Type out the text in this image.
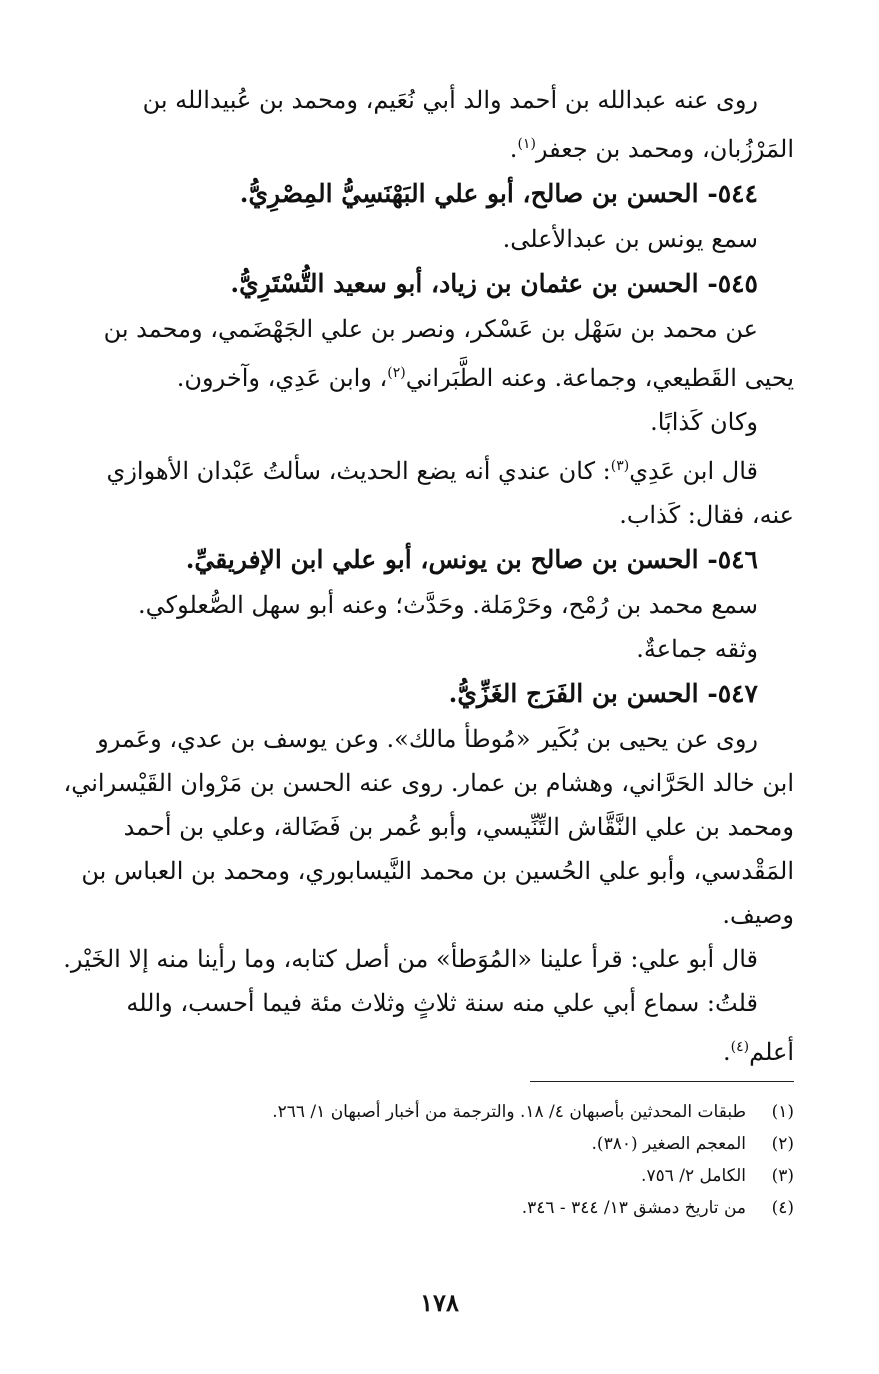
روى عنه عبدالله بن أحمد والد أبي نُعَيم، ومحمد بن عُبيدالله بن
المَرْزُبان، ومحمد بن جعفر$^{(١)}$.
٥٤٤- الحسن بن صالح، أبو علي البَهْنَسِيُّ المِصْرِيُّ.
سمع يونس بن عبدالأعلى.
٥٤٥- الحسن بن عثمان بن زياد، أبو سعيد التُّسْتَرِيُّ.
عن محمد بن سَهْل بن عَسْكر، ونصر بن علي الجَهْضَمي، ومحمد بن
يحيى القَطيعي، وجماعة. وعنه الطَّبَراني$^{(٢)}$، وابن عَدِي، وآخرون.
وكان كَذابًا.
قال ابن عَدِي$^{(٣)}$: كان عندي أنه يضع الحديث، سألتُ عَبْدان الأهوازي
عنه، فقال: كَذاب.
٥٤٦- الحسن بن صالح بن يونس، أبو علي ابن الإفريقيِّ.
سمع محمد بن رُمْح، وحَرْمَلة. وحَدَّث؛ وعنه أبو سهل الصُّعلوكي.
وثقه جماعةٌ.
٥٤٧- الحسن بن الفَرَج الغَزِّيُّ.
روى عن يحيى بن بُكَير «مُوطأ مالك». وعن يوسف بن عدي، وعَمرو
ابن خالد الحَرَّاني، وهشام بن عمار. روى عنه الحسن بن مَرْوان القَيْسراني،
ومحمد بن علي النَّقَّاش التِّنِّيسي، وأبو عُمر بن فَضَالة، وعلي بن أحمد
المَقْدسي، وأبو علي الحُسين بن محمد النَّيسابوري، ومحمد بن العباس بن
وصيف.
قال أبو علي: قرأ علينا «المُوَطأ» من أصل كتابه، وما رأينا منه إلا الخَيْر.
قلتُ: سماع أبي علي منه سنة ثلاثٍ وثلاث مئة فيما أحسب، والله
أعلم$^{(٤)}$.
(١)طبقات المحدثين بأصبهان ٤/ ١٨. والترجمة من أخبار أصبهان ١/ ٢٦٦.
(٢)المعجم الصغير (٣٨٠).
(٣)الكامل ٢/ ٧٥٦.
(٤)من تاريخ دمشق ١٣/ ٣٤٤ - ٣٤٦.
١٧٨
